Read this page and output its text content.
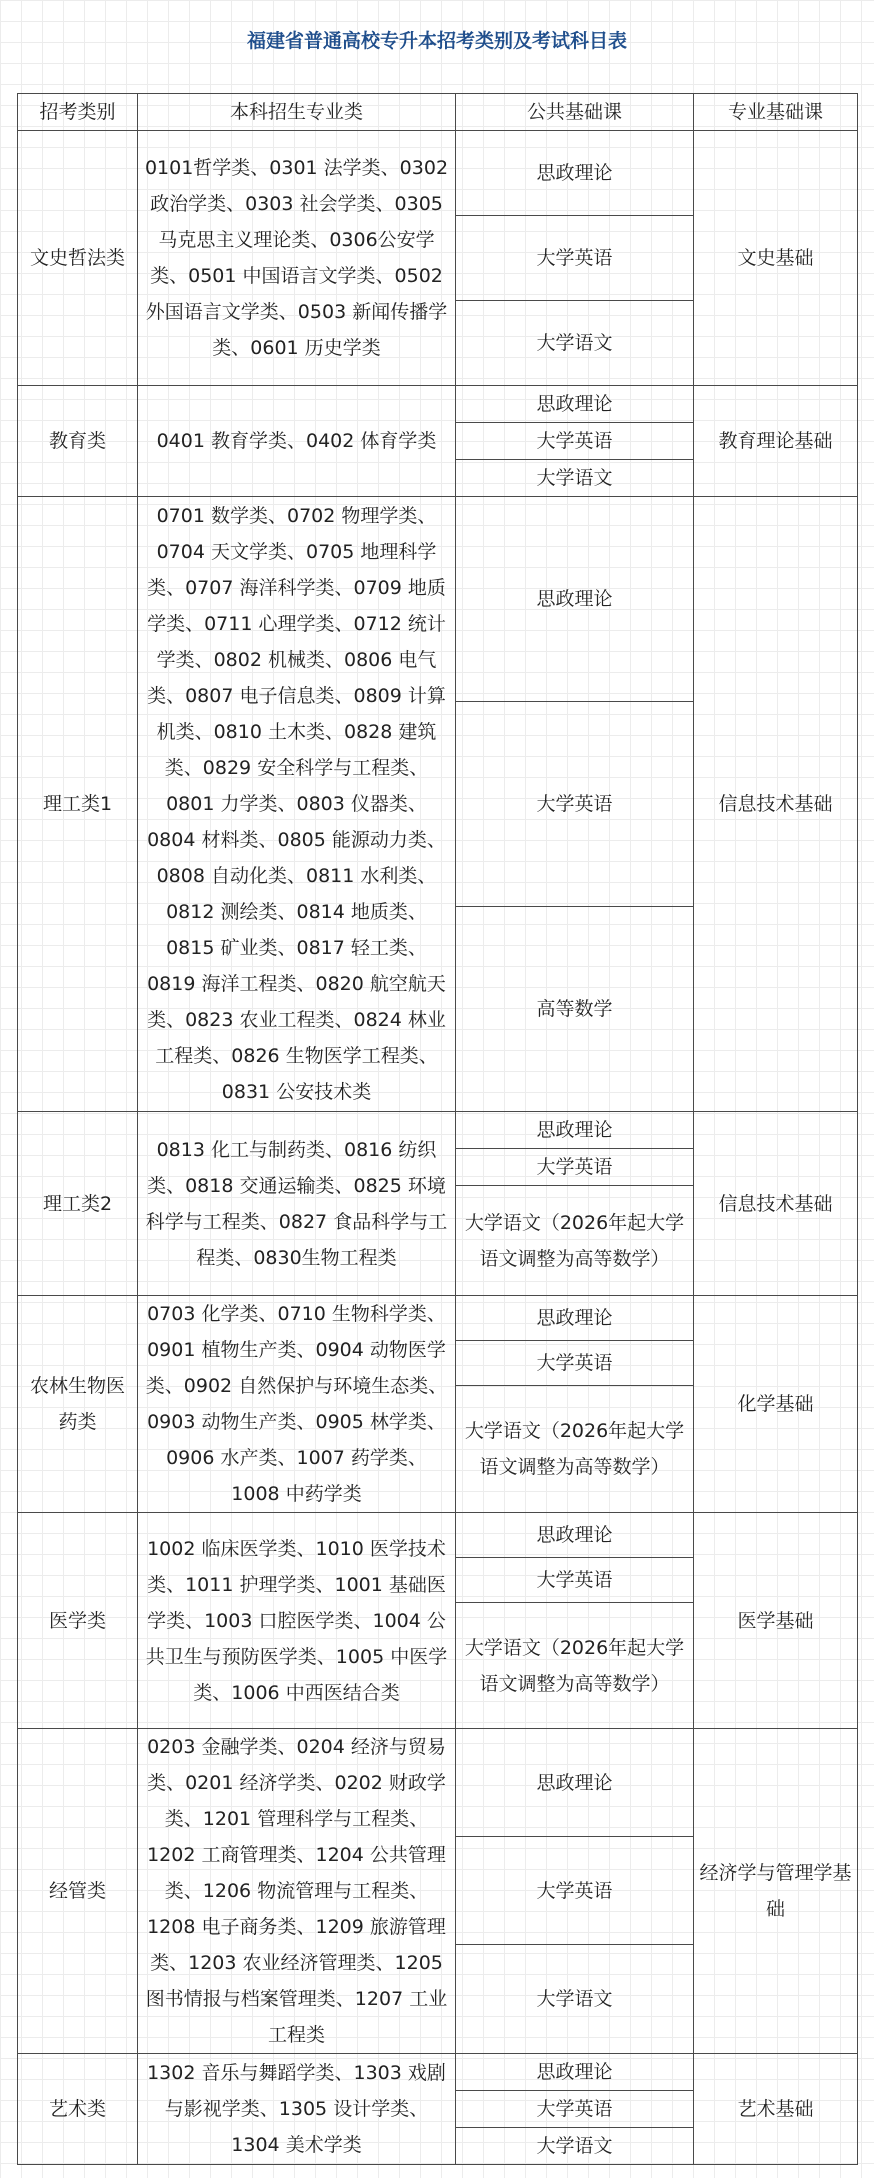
福建省普通高校专升本招考类别及考试科目表
招考类别	本科招生专业类	公共基础课	专业基础课
文史哲法类	0101哲学类、0301 法学类、0302 政治学类、0303 社会学类、0305 马克思主义理论类、0306公安学类、0501 中国语言文学类、0502 外国语言文学类、0503 新闻传播学类、0601 历史学类	思政理论	文史基础
		大学英语	
		大学语文	
教育类	0401 教育学类、0402 体育学类	思政理论	教育理论基础
		大学英语	
		大学语文	
理工类1	0701 数学类、0702 物理学类、0704 天文学类、0705 地理科学类、0707 海洋科学类、0709 地质学类、0711 心理学类、0712 统计学类、0802 机械类、0806 电气类、0807 电子信息类、0809 计算机类、0810 土木类、0828 建筑类、0829 安全科学与工程类、0801 力学类、0803 仪器类、0804 材料类、0805 能源动力类、0808 自动化类、0811 水利类、0812 测绘类、0814 地质类、0815 矿业类、0817 轻工类、0819 海洋工程类、0820 航空航天类、0823 农业工程类、0824 林业工程类、0826 生物医学工程类、0831 公安技术类	思政理论	信息技术基础
		大学英语	
		高等数学	
理工类2	0813 化工与制药类、0816 纺织类、0818 交通运输类、0825 环境科学与工程类、0827 食品科学与工程类、0830生物工程类	思政理论	信息技术基础
		大学英语	
		大学语文（2026年起大学语文调整为高等数学）	
农林生物医药类	0703 化学类、0710 生物科学类、0901 植物生产类、0904 动物医学类、0902 自然保护与环境生态类、0903 动物生产类、0905 林学类、0906 水产类、1007 药学类、1008 中药学类	思政理论	化学基础
		大学英语	
		大学语文（2026年起大学语文调整为高等数学）	
医学类	1002 临床医学类、1010 医学技术类、1011 护理学类、1001 基础医学类、1003 口腔医学类、1004 公共卫生与预防医学类、1005 中医学类、1006 中西医结合类	思政理论	医学基础
		大学英语	
		大学语文（2026年起大学语文调整为高等数学）	
经管类	0203 金融学类、0204 经济与贸易类、0201 经济学类、0202 财政学类、1201 管理科学与工程类、1202 工商管理类、1204 公共管理类、1206 物流管理与工程类、1208 电子商务类、1209 旅游管理类、1203 农业经济管理类、1205 图书情报与档案管理类、1207 工业工程类	思政理论	经济学与管理学基础
		大学英语	
		大学语文	
艺术类	1302 音乐与舞蹈学类、1303 戏剧与影视学类、1305 设计学类、1304 美术学类	思政理论	艺术基础
		大学英语	
		大学语文	
